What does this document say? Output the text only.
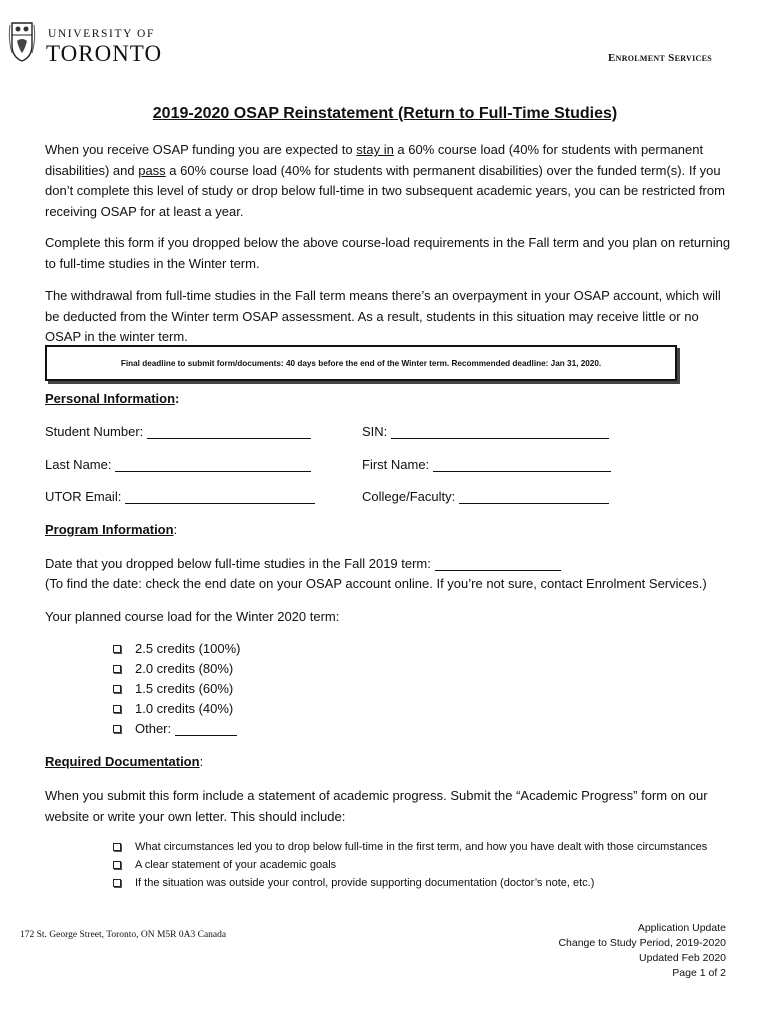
UNIVERSITY OF
TORONTO	Enrolment Services
2019-2020 OSAP Reinstatement (Return to Full-Time Studies)
When you receive OSAP funding you are expected to stay in a 60% course load (40% for students with permanent disabilities) and pass a 60% course load (40% for students with permanent disabilities) over the funded term(s). If you don’t complete this level of study or drop below full-time in two subsequent academic years, you can be restricted from receiving OSAP for at least a year.
Complete this form if you dropped below the above course-load requirements in the Fall term and you plan on returning to full-time studies in the Winter term.
The withdrawal from full-time studies in the Fall term means there’s an overpayment in your OSAP account, which will be deducted from the Winter term OSAP assessment. As a result, students in this situation may receive little or no OSAP in the winter term.
Final deadline to submit form/documents: 40 days before the end of the Winter term. Recommended deadline: Jan 31, 2020.
Personal Information:
Student Number:	SIN:
Last Name:	First Name:
UTOR Email:	College/Faculty:
Program Information:
Date that you dropped below full-time studies in the Fall 2019 term:
(To find the date: check the end date on your OSAP account online. If you’re not sure, contact Enrolment Services.)
Your planned course load for the Winter 2020 term:
2.5 credits (100%)
2.0 credits (80%)
1.5 credits (60%)
1.0 credits (40%)
Other:
Required Documentation:
When you submit this form include a statement of academic progress. Submit the “Academic Progress” form on our website or write your own letter. This should include:
What circumstances led you to drop below full-time in the first term, and how you have dealt with those circumstances
A clear statement of your academic goals
If the situation was outside your control, provide supporting documentation (doctor’s note, etc.)
172 St. George Street, Toronto, ON M5R 0A3 Canada
Application Update
Change to Study Period, 2019-2020
Updated Feb 2020
Page 1 of 2
